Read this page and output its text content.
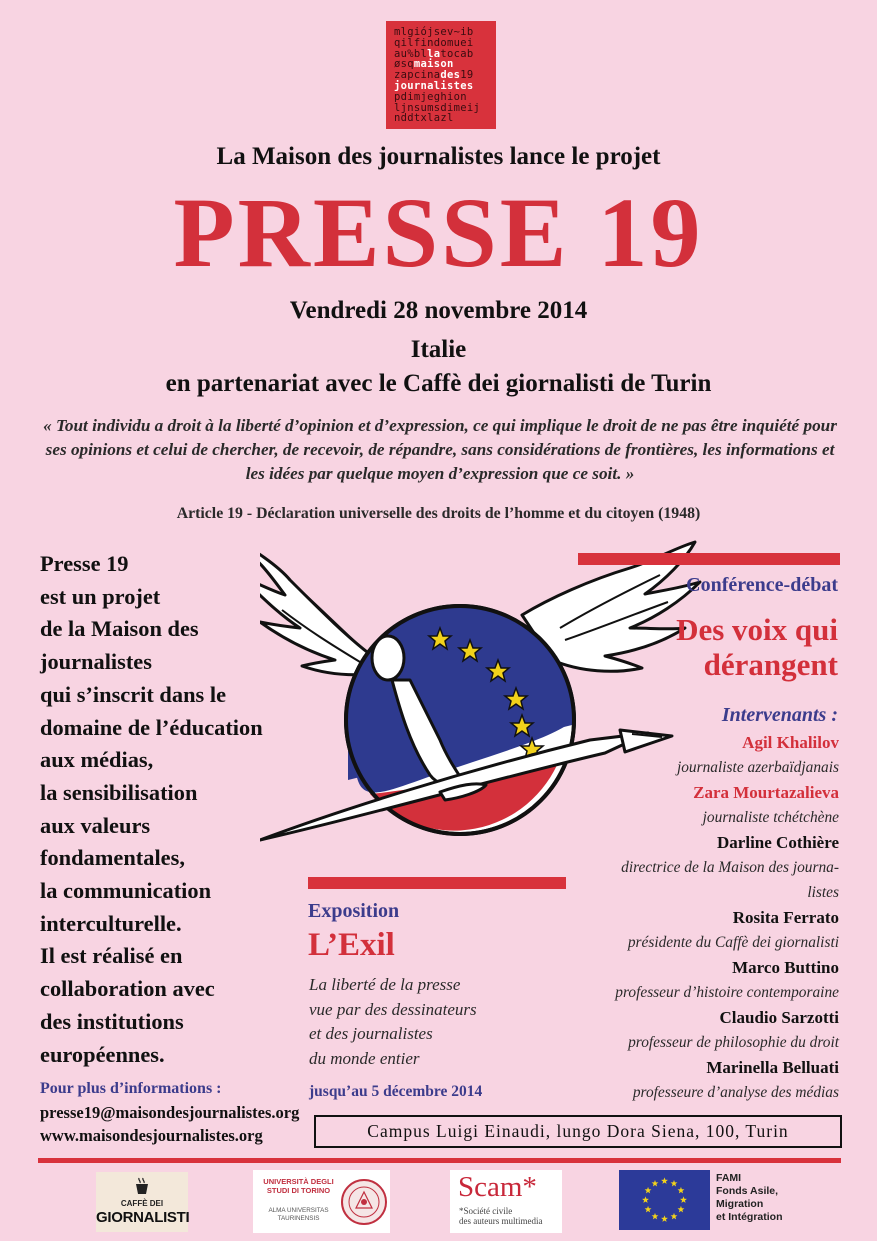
mlgiójsev~ib
qilfindomuei
au%bllatocab
øsqmaison
zapcinades19
journalistes
pdimjeghion
ljnsumsdimeij
nddtxlazl
La Maison des journalistes lance le projet
PRESSE 19
Vendredi 28 novembre 2014
Italie
en partenariat avec le Caffè dei giornalisti de Turin
« Tout individu a droit à la liberté d’opinion et d’expression, ce qui implique le droit de ne pas être inquiété pour ses opinions et celui de chercher, de recevoir, de répandre, sans considérations de frontières, les informations et les idées par quelque moyen d’expression que ce soit. »
Article 19 - Déclaration universelle des droits de l’homme et du citoyen (1948)
Presse 19
est un projet
de la Maison des
journalistes
qui s’inscrit dans le
domaine de l’éducation
aux médias,
la sensibilisation
aux valeurs
fondamentales,
la communication
interculturelle.
Il est réalisé en
collaboration avec
des institutions
européennes.
Pour plus d’informations :
presse19@maisondesjournalistes.org
www.maisondesjournalistes.org
Conférence-débat
Des voix qui
dérangent
Intervenants :
Agil Khalilov
journaliste azerbaïdjanais
Zara Mourtazalieva
journaliste tchétchène
Darline Cothière
directrice de la Maison des journa-
listes
Rosita Ferrato
présidente du Caffè dei giornalisti
Marco Buttino
professeur d’histoire contemporaine
Claudio Sarzotti
professeur de philosophie du droit
Marinella Belluati
professeure d’analyse des médias
Exposition
L’Exil
La liberté de la presse
vue par des dessinateurs
et des journalistes
du monde entier
jusqu’au 5 décembre 2014
Campus Luigi Einaudi, lungo Dora Siena, 100, Turin
CAFFÈ DEI
GIORNALISTI
UNIVERSITÀ DEGLI STUDI DI TORINO
ALMA UNIVERSITAS TAURINENSIS
Scam*
*Société civile
des auteurs multimedia
FAMI
Fonds Asile,
Migration
et Intégration
